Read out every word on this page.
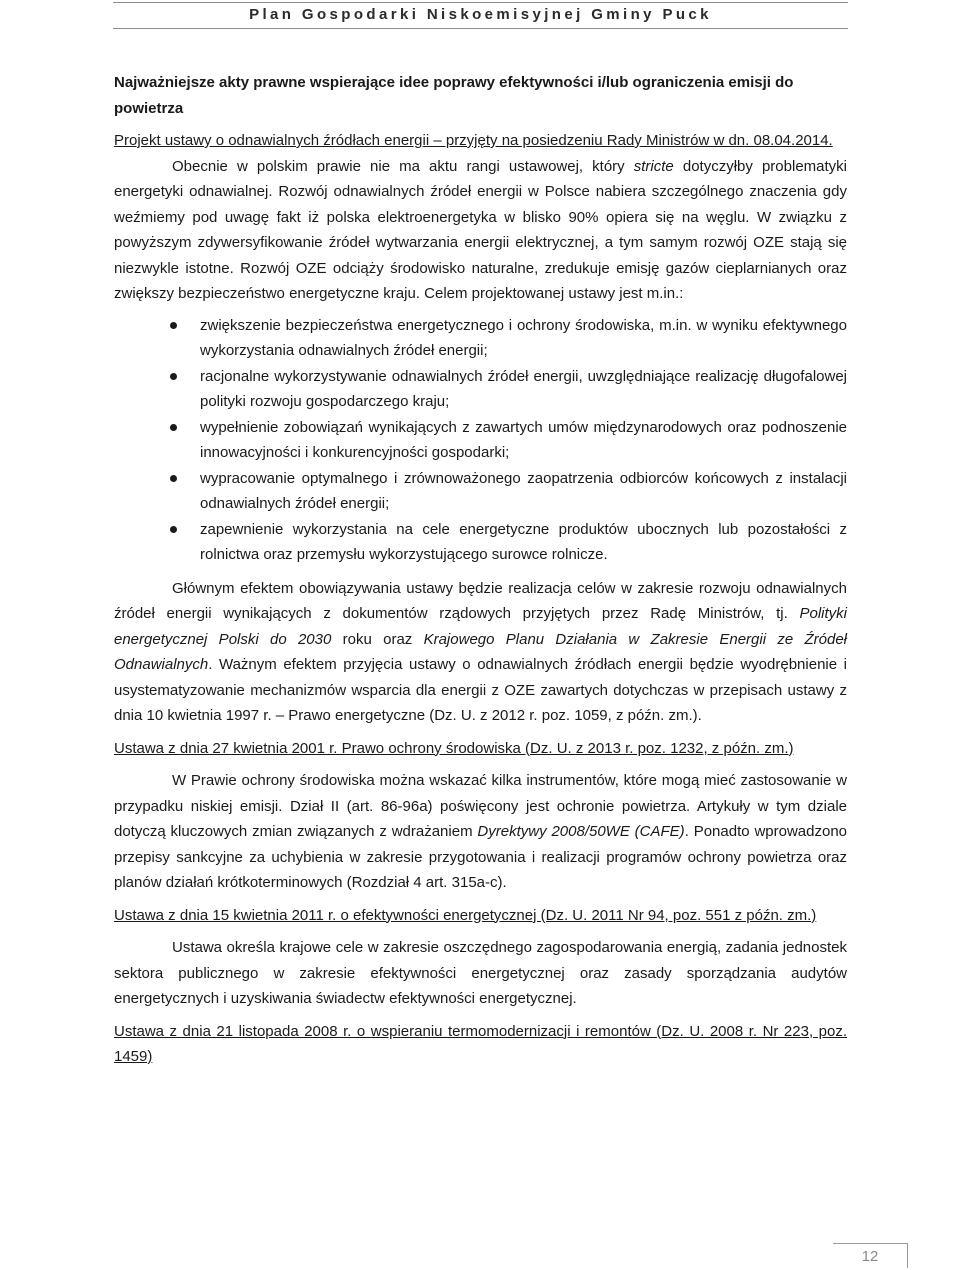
Plan Gospodarki Niskoemisyjnej Gminy Puck

Najważniejsze akty prawne wspierające idee poprawy efektywności i/lub ograniczenia emisji do powietrza

Projekt ustawy o odnawialnych źródłach energii – przyjęty na posiedzeniu Rady Ministrów w dn. 08.04.2014.

Obecnie w polskim prawie nie ma aktu rangi ustawowej, który stricte dotyczyłby problematyki energetyki odnawialnej. Rozwój odnawialnych źródeł energii w Polsce nabiera szczególnego znaczenia gdy weźmiemy pod uwagę fakt iż polska elektroenergetyka w blisko 90% opiera się na węglu. W związku z powyższym zdywersyfikowanie źródeł wytwarzania energii elektrycznej, a tym samym rozwój OZE stają się niezwykle istotne. Rozwój OZE odciąży środowisko naturalne, zredukuje emisję gazów cieplarnianych oraz zwiększy bezpieczeństwo energetyczne kraju. Celem projektowanej ustawy jest m.in.:

zwiększenie bezpieczeństwa energetycznego i ochrony środowiska, m.in. w wyniku efektywnego wykorzystania odnawialnych źródeł energii;
racjonalne wykorzystywanie odnawialnych źródeł energii, uwzględniające realizację długofalowej polityki rozwoju gospodarczego kraju;
wypełnienie zobowiązań wynikających z zawartych umów międzynarodowych oraz podnoszenie innowacyjności i konkurencyjności gospodarki;
wypracowanie optymalnego i zrównoważonego zaopatrzenia odbiorców końcowych z instalacji odnawialnych źródeł energii;
zapewnienie wykorzystania na cele energetyczne produktów ubocznych lub pozostałości z rolnictwa oraz przemysłu wykorzystującego surowce rolnicze.

Głównym efektem obowiązywania ustawy będzie realizacja celów w zakresie rozwoju odnawialnych źródeł energii wynikających z dokumentów rządowych przyjętych przez Radę Ministrów, tj. Polityki energetycznej Polski do 2030 roku oraz Krajowego Planu Działania w Zakresie Energii ze Źródeł Odnawialnych. Ważnym efektem przyjęcia ustawy o odnawialnych źródłach energii będzie wyodrębnienie i usystematyzowanie mechanizmów wsparcia dla energii z OZE zawartych dotychczas w przepisach ustawy z dnia 10 kwietnia 1997 r. – Prawo energetyczne (Dz. U. z 2012 r. poz. 1059, z późn. zm.).

Ustawa z dnia 27 kwietnia 2001 r. Prawo ochrony środowiska (Dz. U. z 2013 r. poz. 1232, z późn. zm.)

W Prawie ochrony środowiska można wskazać kilka instrumentów, które mogą mieć zastosowanie w przypadku niskiej emisji. Dział II (art. 86-96a) poświęcony jest ochronie powietrza. Artykuły w tym dziale dotyczą kluczowych zmian związanych z wdrażaniem Dyrektywy 2008/50WE (CAFE). Ponadto wprowadzono przepisy sankcyjne za uchybienia w zakresie przygotowania i realizacji programów ochrony powietrza oraz planów działań krótkoterminowych (Rozdział 4 art. 315a-c).

Ustawa z dnia 15 kwietnia 2011 r. o efektywności energetycznej (Dz. U. 2011 Nr 94, poz. 551 z późn. zm.)

Ustawa określa krajowe cele w zakresie oszczędnego zagospodarowania energią, zadania jednostek sektora publicznego w zakresie efektywności energetycznej oraz zasady sporządzania audytów energetycznych i uzyskiwania świadectw efektywności energetycznej.

Ustawa z dnia 21 listopada 2008 r. o wspieraniu termomodernizacji i remontów (Dz. U. 2008 r. Nr 223, poz. 1459)

12
